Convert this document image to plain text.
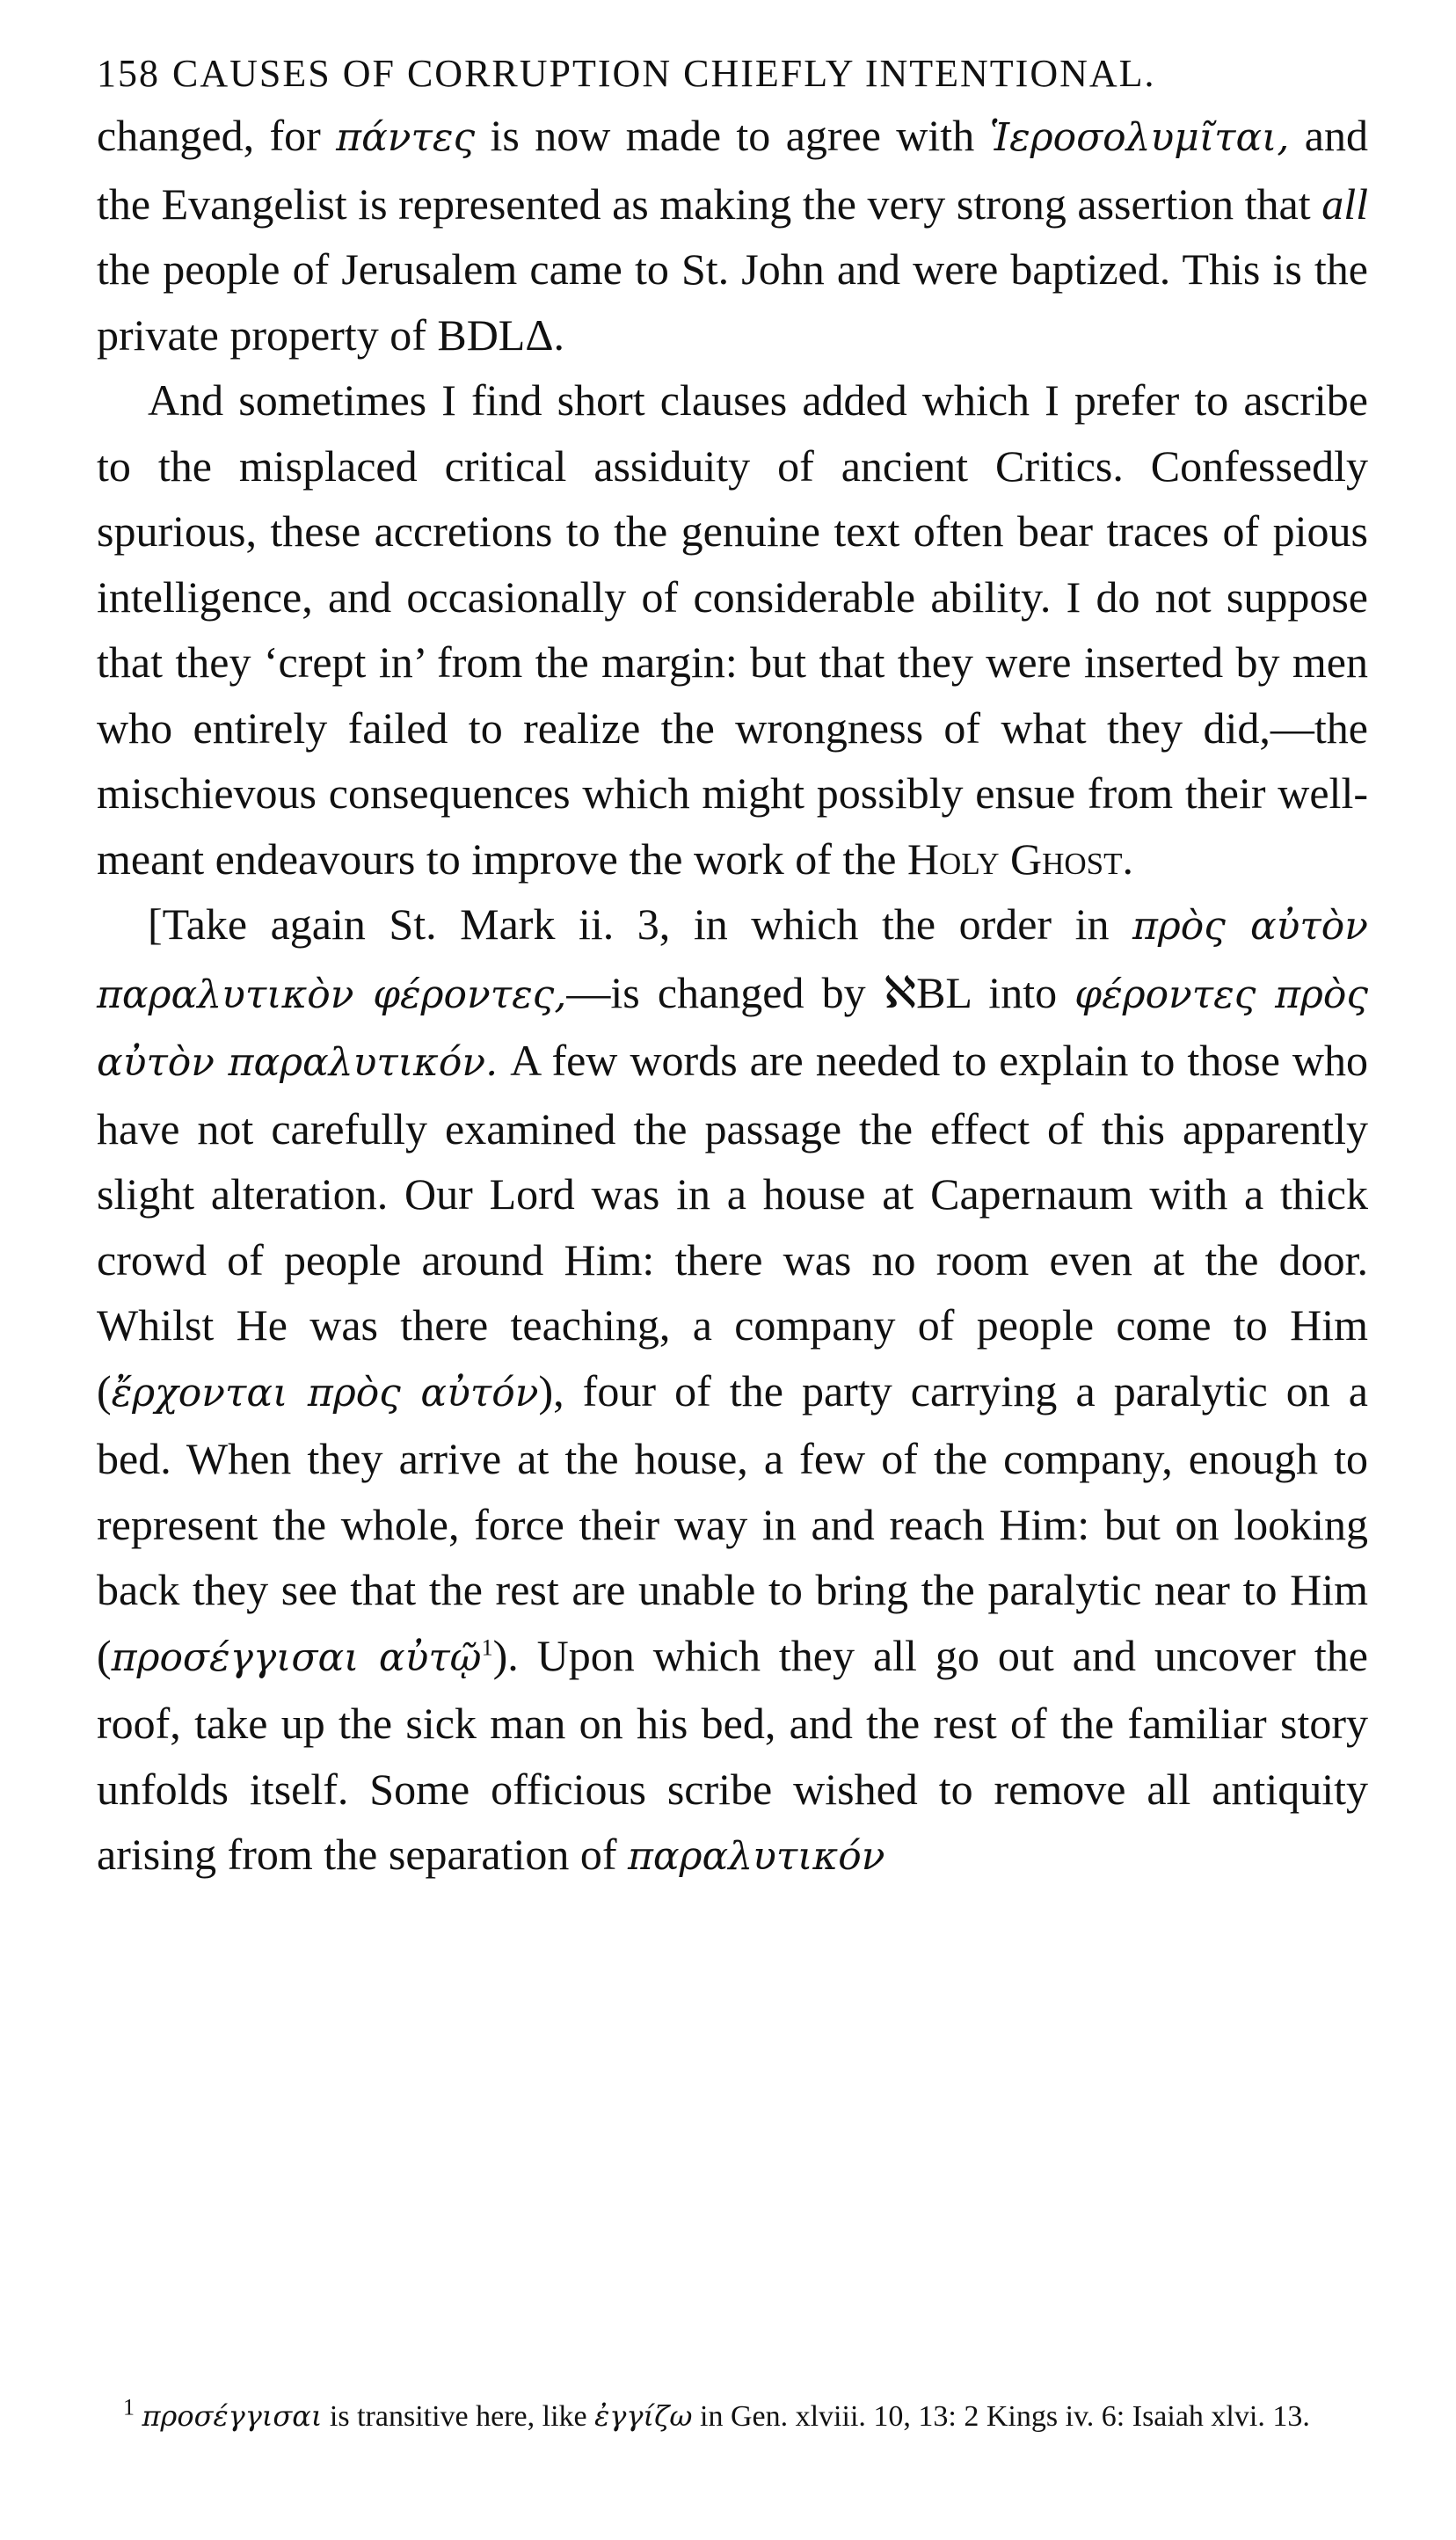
158 CAUSES OF CORRUPTION CHIEFLY INTENTIONAL.

changed, for πάντες is now made to agree with Ἱεροσολυμῖται, and the Evangelist is represented as making the very strong assertion that all the people of Jerusalem came to St. John and were baptized. This is the private property of BDLΔ.

And sometimes I find short clauses added which I prefer to ascribe to the misplaced critical assiduity of ancient Critics. Confessedly spurious, these accretions to the genuine text often bear traces of pious intelligence, and occasionally of considerable ability. I do not suppose that they ‘crept in’ from the margin: but that they were inserted by men who entirely failed to realize the wrongness of what they did,—the mischievous consequences which might possibly ensue from their well-meant endeavours to improve the work of the Holy Ghost.

[Take again St. Mark ii. 3, in which the order in πρὸς αὐτὸν παραλυτικὸν φέροντες,—is changed by ℵBL into φέροντες πρὸς αὐτὸν παραλυτικόν. A few words are needed to explain to those who have not carefully examined the passage the effect of this apparently slight alteration. Our Lord was in a house at Capernaum with a thick crowd of people around Him: there was no room even at the door. Whilst He was there teaching, a company of people come to Him (ἔρχονται πρὸς αὐτόν), four of the party carrying a paralytic on a bed. When they arrive at the house, a few of the company, enough to represent the whole, force their way in and reach Him: but on looking back they see that the rest are unable to bring the paralytic near to Him (προσέγγισαι αὐτῷ$^1$). Upon which they all go out and uncover the roof, take up the sick man on his bed, and the rest of the familiar story unfolds itself. Some officious scribe wished to remove all antiquity arising from the separation of παραλυτικόν

$^1$ προσέγγισαι is transitive here, like ἐγγίζω in Gen. xlviii. 10, 13: 2 Kings iv. 6: Isaiah xlvi. 13.
